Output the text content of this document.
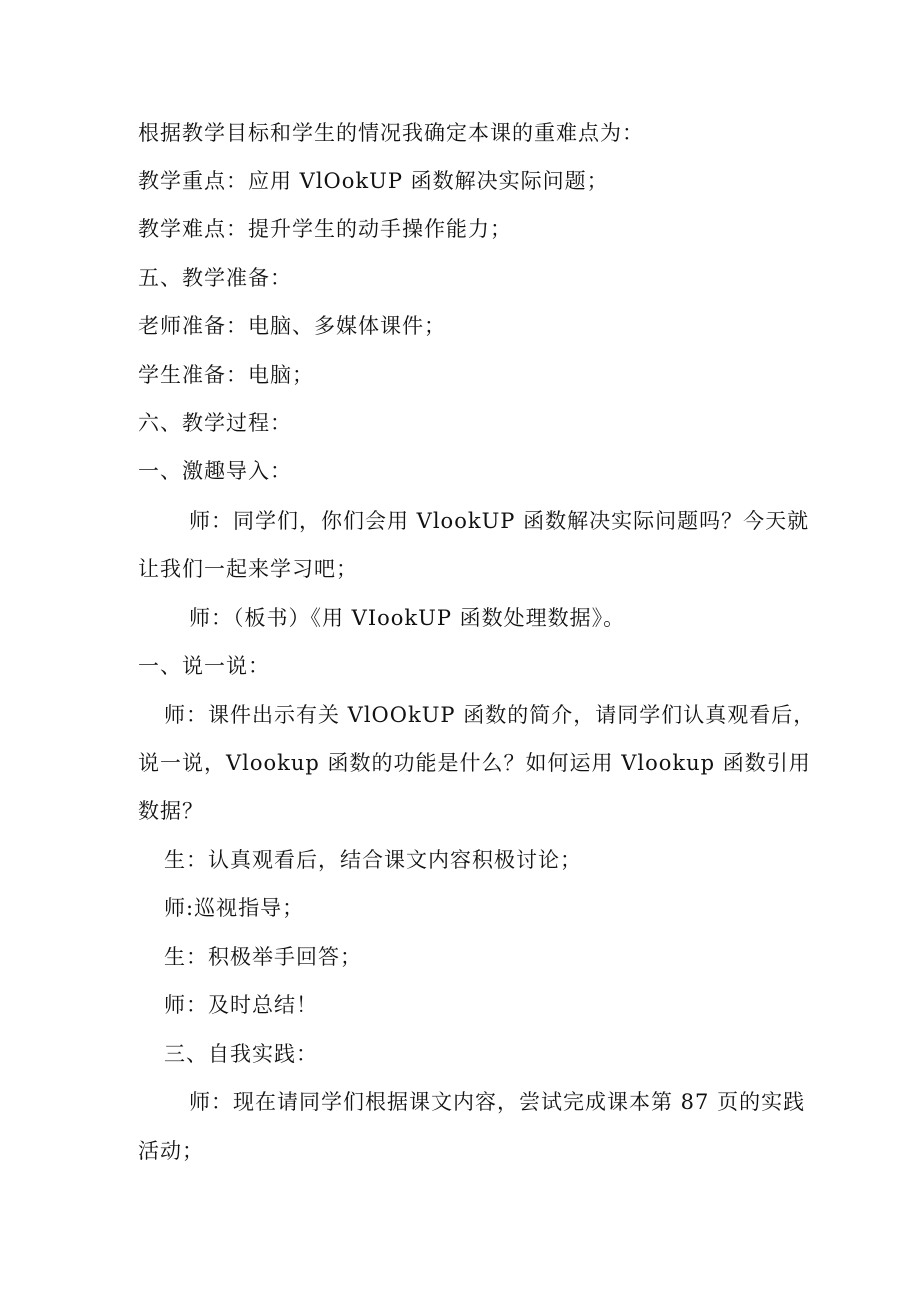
根据教学目标和学生的情况我确定本课的重难点为：
教学重点：应用 VlOokUP 函数解决实际问题；
教学难点：提升学生的动手操作能力；
五、教学准备：
老师准备：电脑、多媒体课件；
学生准备：电脑；
六、教学过程：
一、激趣导入：
师：同学们，你们会用 VlookUP 函数解决实际问题吗？今天就
让我们一起来学习吧；
师：（板书）《用 VIookUP 函数处理数据》。
一、说一说：
师：课件出示有关 VlOOkUP 函数的简介，请同学们认真观看后，
说一说，Vlookup 函数的功能是什么？如何运用 Vlookup 函数引用
数据？
生：认真观看后，结合课文内容积极讨论；
师:巡视指导；
生：积极举手回答；
师：及时总结！
三、自我实践：
师：现在请同学们根据课文内容，尝试完成课本第 87 页的实践
活动；
